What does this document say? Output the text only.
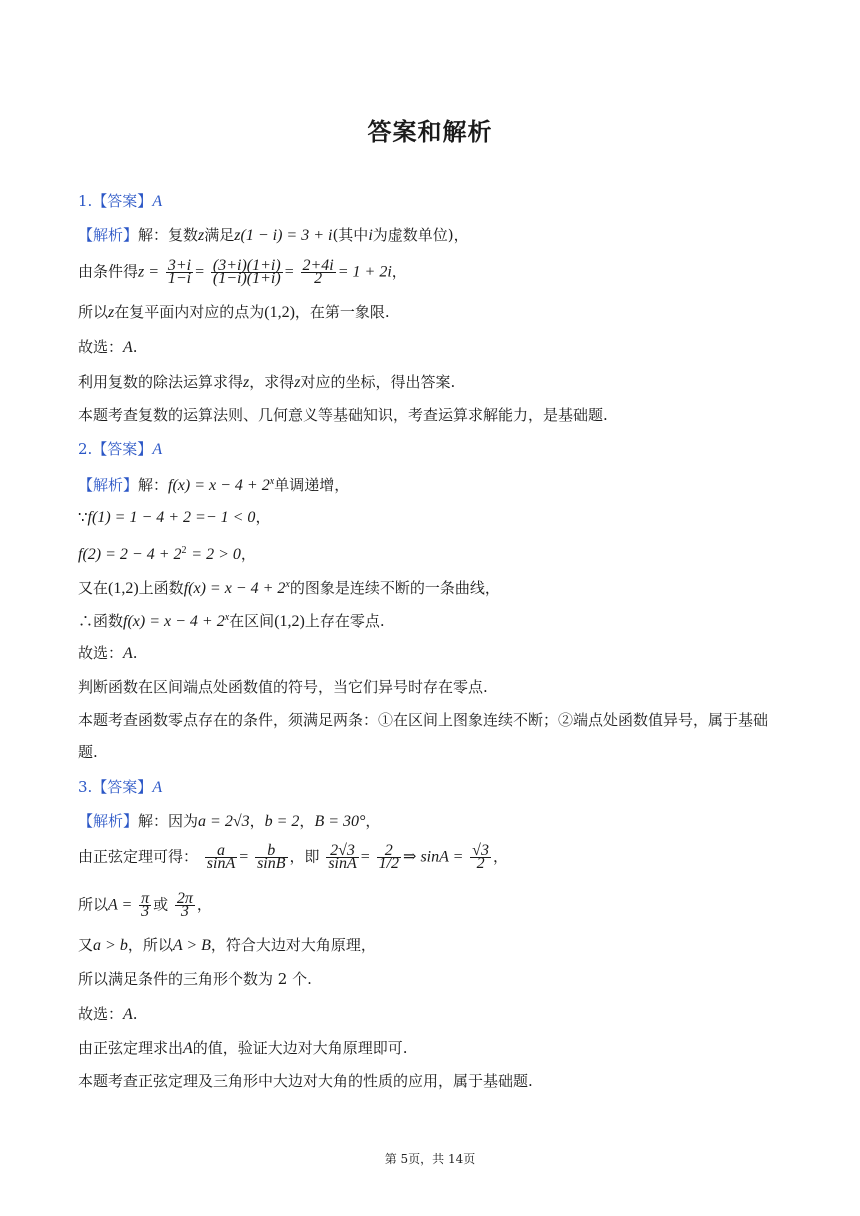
答案和解析
1.【答案】A
【解析】解：复数z满足z(1 − i) = 3 + i(其中i为虚数单位)，
由条件得$z = \frac{3+i}{1-i} = \frac{(3+i)(1+i)}{(1-i)(1+i)} = \frac{2+4i}{2} = 1 + 2i$，
所以z在复平面内对应的点为(1,2)，在第一象限.
故选：A.
利用复数的除法运算求得z，求得z对应的坐标，得出答案.
本题考查复数的运算法则、几何意义等基础知识，考查运算求解能力，是基础题.
2.【答案】A
【解析】解：$f(x) = x - 4 + 2^x$单调递增，
∵f(1) = 1 − 4 + 2 =− 1 < 0，
$f(2) = 2 - 4 + 2^2 = 2 > 0$，
又在(1,2)上函数$f(x) = x - 4 + 2^x$的图象是连续不断的一条曲线，
∴函数$f(x) = x - 4 + 2^x$在区间(1,2)上存在零点.
故选：A.
判断函数在区间端点处函数值的符号，当它们异号时存在零点.
本题考查函数零点存在的条件，须满足两条：①在区间上图象连续不断；②端点处函数值异号，属于基础
题.
3.【答案】A
【解析】解：因为a = 2√3，b = 2，B = 30°，
由正弦定理可得： $\frac{a}{\sin A} = \frac{b}{\sin B}$ ，即 $\frac{2√3}{\sin A} = \frac{2}{1/2}$ ⇒ $\sin A = \frac{√3}{2}$ ，
所以$A = \frac{\pi}{3}$ 或 $\frac{2\pi}{3}$ ，
又a > b，所以A > B，符合大边对大角原理，
所以满足条件的三角形个数为 2 个.
故选：A.
由正弦定理求出A的值，验证大边对大角原理即可.
本题考查正弦定理及三角形中大边对大角的性质的应用，属于基础题.
第 5页，共 14页
